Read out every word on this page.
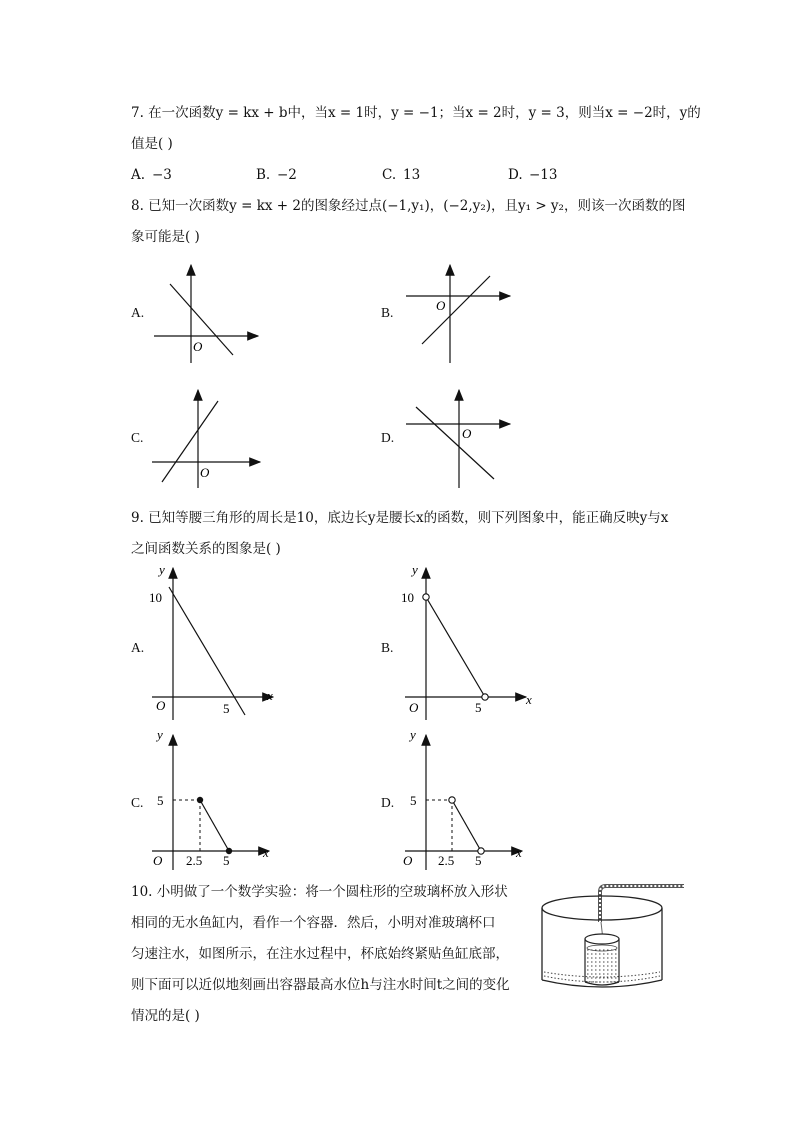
7. 在一次函数y = kx + b中，当x = 1时，y = −1；当x = 2时，y = 3，则当x = −2时，y的
值是( )
A. −3	B. −2	C. 13	D. −13
8. 已知一次函数y = kx + 2的图象经过点(−1,y₁)，(−2,y₂)，且y₁ > y₂，则该一次函数的图
象可能是( )
A.
O
B.	O
C.
O
D.	O
9. 已知等腰三角形的周长是10，底边长y是腰长x的函数，则下列图象中，能正确反映y与x
之间函数关系的图象是( )
A.
y
x
O
10
5
B.
y
x
O
10
5
C.
y
x
O
5
2.5 5
D.
y
x
O
5
2.5 5
10. 小明做了一个数学实验：将一个圆柱形的空玻璃杯放入形状
相同的无水鱼缸内，看作一个容器．然后，小明对准玻璃杯口
匀速注水，如图所示，在注水过程中，杯底始终紧贴鱼缸底部，
则下面可以近似地刻画出容器最高水位h与注水时间t之间的变化
情况的是( )
